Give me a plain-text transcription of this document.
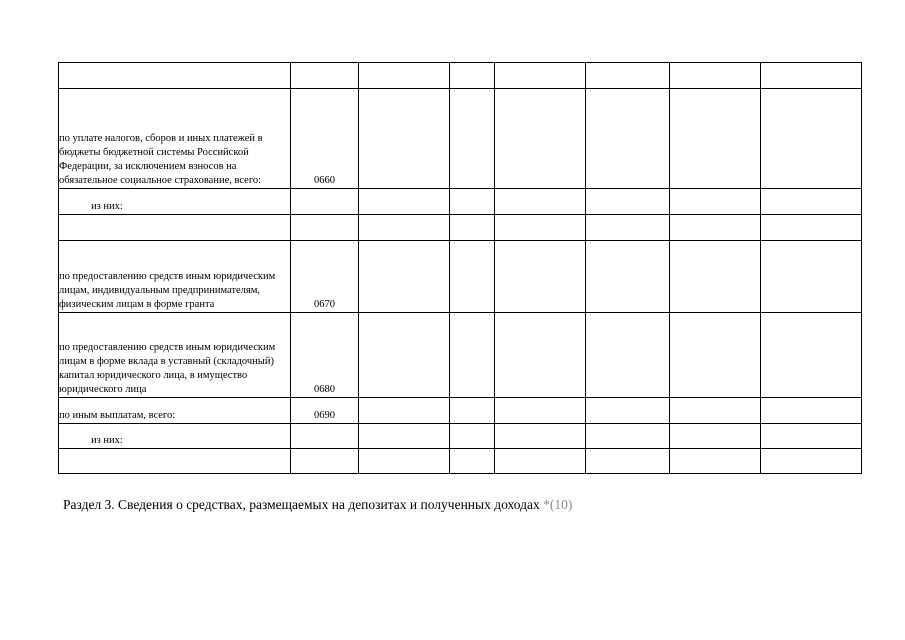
по уплате налогов, сборов и иных платежей в бюджеты бюджетной системы Российской Федерации, за исключением взносов на обязательное социальное страхование, всего:	0660						
из них:							

по предоставлению средств иным юридическим лицам, индивидуальным предпринимателям, физическим лицам в форме гранта	0670						
по предоставлению средств иным юридическим лицам в форме вклада в уставный (складочный) капитал юридического лица, в имущество юридического лица	0680						
по иным выплатам, всего:	0690						
из них:							

Раздел 3. Сведения о средствах, размещаемых на депозитах и полученных доходах *(10)
